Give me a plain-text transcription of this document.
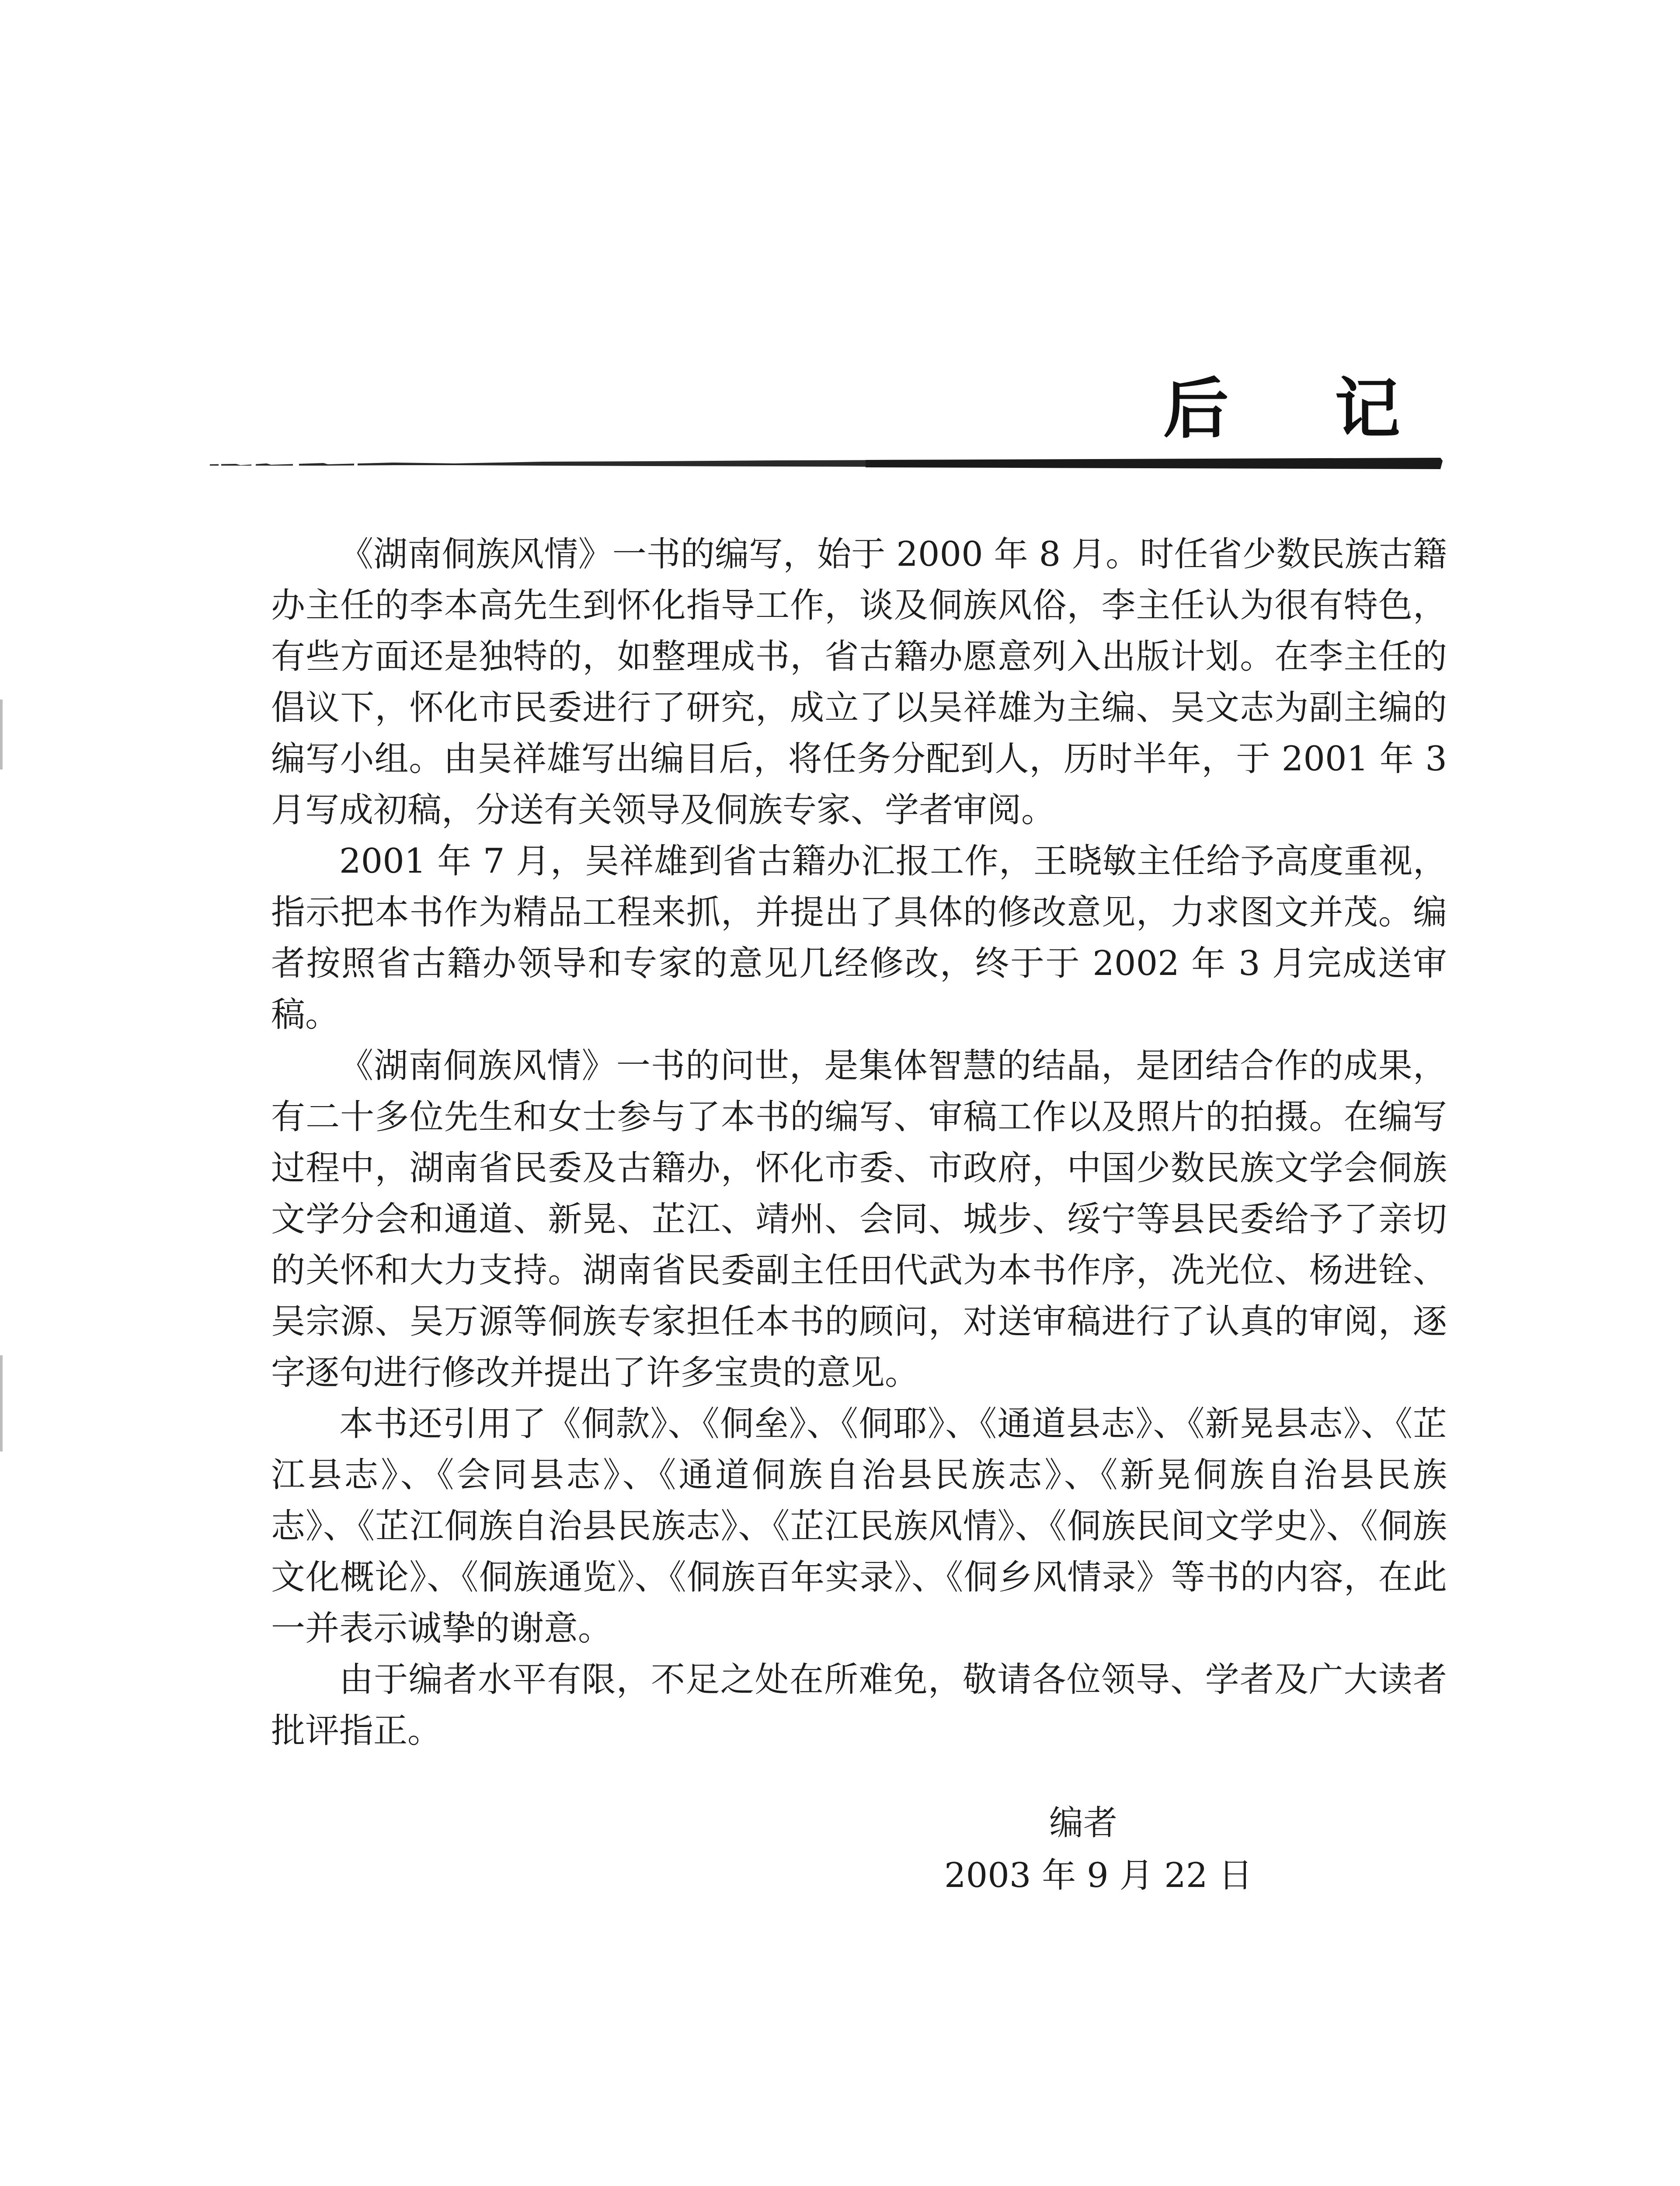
后 记

《湖南侗族风情》一书的编写，始于 2000 年 8 月。时任省少数民族古籍办主任的李本高先生到怀化指导工作，谈及侗族风俗，李主任认为很有特色，有些方面还是独特的，如整理成书，省古籍办愿意列入出版计划。在李主任的倡议下，怀化市民委进行了研究，成立了以吴祥雄为主编、吴文志为副主编的编写小组。由吴祥雄写出编目后，将任务分配到人，历时半年，于 2001 年 3 月写成初稿，分送有关领导及侗族专家、学者审阅。

2001 年 7 月，吴祥雄到省古籍办汇报工作，王晓敏主任给予高度重视，指示把本书作为精品工程来抓，并提出了具体的修改意见，力求图文并茂。编者按照省古籍办领导和专家的意见几经修改，终于于 2002 年 3 月完成送审稿。

《湖南侗族风情》一书的问世，是集体智慧的结晶，是团结合作的成果，有二十多位先生和女士参与了本书的编写、审稿工作以及照片的拍摄。在编写过程中，湖南省民委及古籍办，怀化市委、市政府，中国少数民族文学会侗族文学分会和通道、新晃、芷江、靖州、会同、城步、绥宁等县民委给予了亲切的关怀和大力支持。湖南省民委副主任田代武为本书作序，冼光位、杨进铨、吴宗源、吴万源等侗族专家担任本书的顾问，对送审稿进行了认真的审阅，逐字逐句进行修改并提出了许多宝贵的意见。

本书还引用了《侗款》、《侗垒》、《侗耶》、《通道县志》、《新晃县志》、《芷江县志》、《会同县志》、《通道侗族自治县民族志》、《新晃侗族自治县民族志》、《芷江侗族自治县民族志》、《芷江民族风情》、《侗族民间文学史》、《侗族文化概论》、《侗族通览》、《侗族百年实录》、《侗乡风情录》等书的内容，在此一并表示诚挚的谢意。

由于编者水平有限，不足之处在所难免，敬请各位领导、学者及广大读者批评指正。

编者
2003 年 9 月 22 日
